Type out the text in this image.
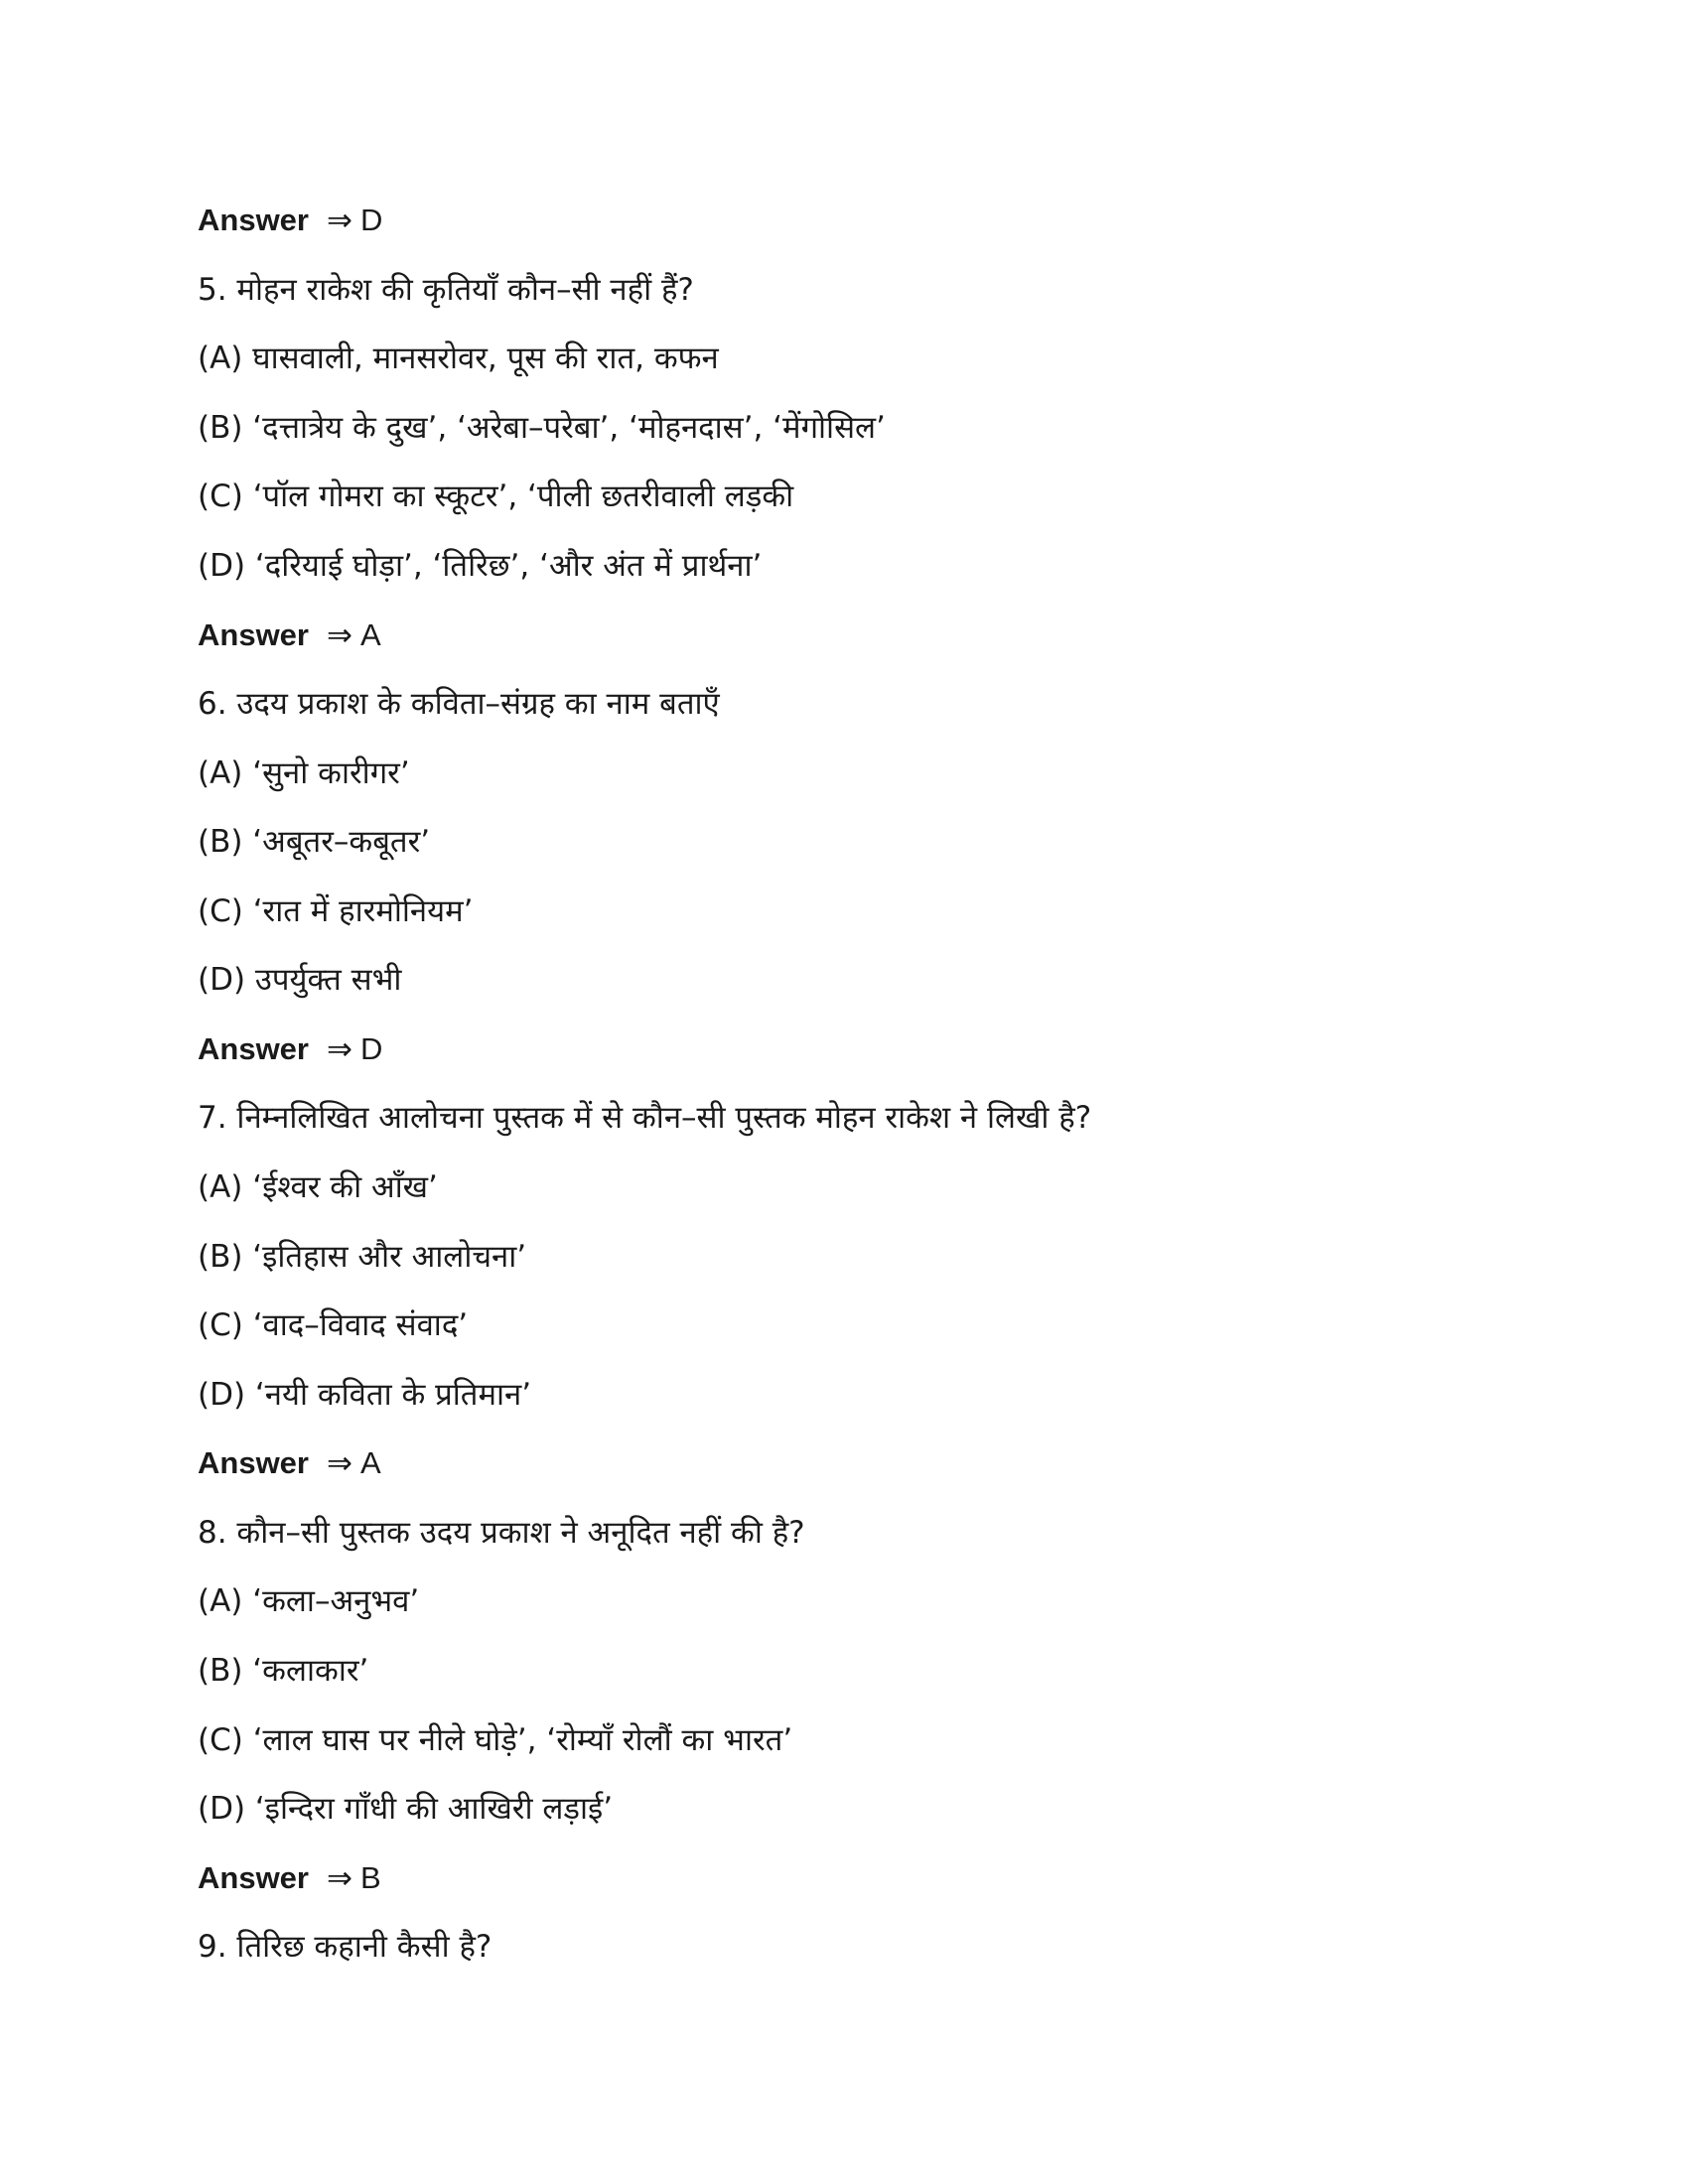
Answer ⇒ D
5. मोहन राकेश की कृतियाँ कौन–सी नहीं हैं?
(A) घासवाली, मानसरोवर, पूस की रात, कफन
(B) ‘दत्तात्रेय के दुख’, ‘अरेबा–परेबा’, ‘मोहनदास’, ‘मेंगोसिल’
(C) ‘पॉल गोमरा का स्कूटर’, ‘पीली छतरीवाली लड़की
(D) ‘दरियाई घोड़ा’, ‘तिरिछ’, ‘और अंत में प्रार्थना’
Answer ⇒ A
6. उदय प्रकाश के कविता–संग्रह का नाम बताएँ
(A) ‘सुनो कारीगर’
(B) ‘अबूतर–कबूतर’
(C) ‘रात में हारमोनियम’
(D) उपर्युक्त सभी
Answer ⇒ D
7. निम्नलिखित आलोचना पुस्तक में से कौन–सी पुस्तक मोहन राकेश ने लिखी है?
(A) ‘ईश्वर की आँख’
(B) ‘इतिहास और आलोचना’
(C) ‘वाद–विवाद संवाद’
(D) ‘नयी कविता के प्रतिमान’
Answer ⇒ A
8. कौन–सी पुस्तक उदय प्रकाश ने अनूदित नहीं की है?
(A) ‘कला–अनुभव’
(B) ‘कलाकार’
(C) ‘लाल घास पर नीले घोड़े’, ‘रोम्याँ रोलौं का भारत’
(D) ‘इन्दिरा गाँधी की आखिरी लड़ाई’
Answer ⇒ B
9. तिरिछ कहानी कैसी है?
